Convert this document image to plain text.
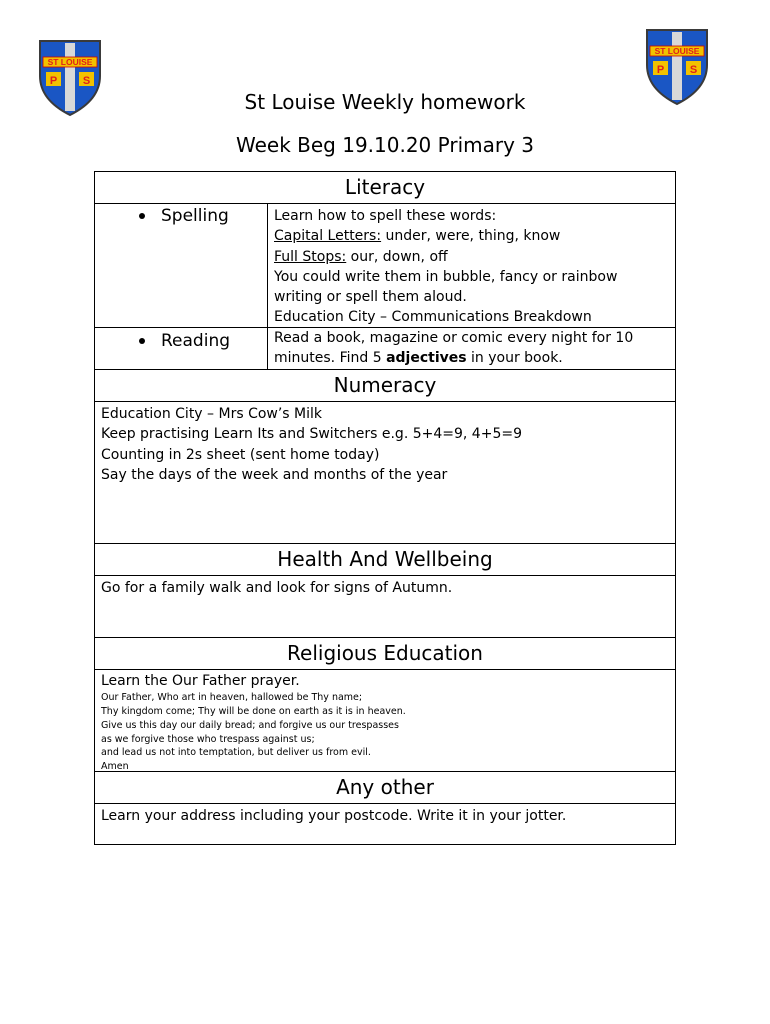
ST LOUISE
P S
ST LOUISE
P S
St Louise Weekly homework
Week Beg 19.10.20 Primary 3
Literacy
Spelling	Learn how to spell these words:
Capital Letters: under, were, thing, know
Full Stops: our, down, off
You could write them in bubble, fancy or rainbow
writing or spell them aloud.
Education City – Communications Breakdown
Reading	Read a book, magazine or comic every night for 10
minutes. Find 5 adjectives in your book.
Numeracy
Education City – Mrs Cow’s Milk
Keep practising Learn Its and Switchers e.g. 5+4=9, 4+5=9
Counting in 2s sheet (sent home today)
Say the days of the week and months of the year
Health And Wellbeing
Go for a family walk and look for signs of Autumn.
Religious Education
Learn the Our Father prayer.
Our Father, Who art in heaven, hallowed be Thy name;
Thy kingdom come; Thy will be done on earth as it is in heaven.
Give us this day our daily bread; and forgive us our trespasses
as we forgive those who trespass against us;
and lead us not into temptation, but deliver us from evil.
Amen
Any other
Learn your address including your postcode. Write it in your jotter.
